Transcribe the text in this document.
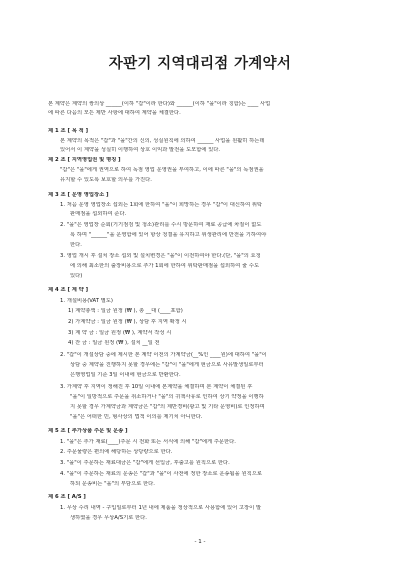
자판기 지역대리점 가계약서
본 계약은 계약의 쌍의상 ______(이하 "갑"이라 한다)와 ______(이하 "을"이라 칭함)는 ____ 사업
에 따른 다음의 모든 제반 사항에 대하여 계약을 체결한다.
제 1 조 [ 목 적 ]
본 계약의 목적은 "갑"과 "을"간의 신의, 성실원칙에 의하여 ______ 사업을 원활히 하는데
있어서 이 계약을 성실히 이행하여 상호 이익과 발전을 도모함에 있다.
제 2 조 [ 지역영업권 및 명칭 ]
"갑"은 "을"에게 권역으로 하여 독점 영업 운영권을 부여하고, 이에 따른 "을"의 독점권을
유지할 수 있도록 보호할 의무를 가진다.
제 3 조 [ 운영 영업장소 ]
1. 처음 운영 영업장소 섭외는 1회에 한하여 "을"이 희망하는 경우 "갑"이 대신하여 위탁
판매점을 섭외하여 준다.
2. "을"은 영업장 순회(기기점검 및 청소)관리를 수시 방문하여 재료 공급에 차질이 없도
록 하며 "______"을 운영함에 있어 항상 청결을 유지하고 위생관리에 만전을 기하여야
한다.
3. 영업 개시 후 설치 장소 섭외 및 설치변경은 "을"이 이전하여야 한다.(단, "을"의 요청
에 의해 최소한의 출장비용으로 추가 1회에 한하여 위탁판매점을 섭외하여 줄 수도
있다)
제 4 조 [ 계 약 ]
1. 개설비용(VAT 별도)
1) 계약총액 : 일금 원정 (₩ ), 총 __대 (____포함)
2) 가계약금 : 일금 원정 (₩ ), 상담 후 지역 확정 시
3) 계 약 금 : 일금 원정 (₩ ), 계약서 작성 시
4) 잔 금 : 일금 원정 (₩ ), 설치 __일 전
2. "갑"이 개설상담 중에 제시한 본 계약 이전의 가계약금(__%인 ____원)에 대하여 "을"이
상담 중 계약을 진행하지 못할 경우에는 "갑"이 "을"에게 현금으로 사유발생일로부터
은행영업일 기준 3일 이내에 현금으로 반환한다.
3. 가계약 후 지역이 정해진 후 10일 이내에 본계약을 체결하며 본 계약이 체결된 후
"을"이 일방적으로 주문을 취소하거나 "을"의 귀책사유로 인하여 상기 약정을 이행하
지 못할 경우 가계약금과 계약금은 "갑"의 제반경비(광고 및 기타 운영비)로 인정하며
"을"은 어떠한 민, 형사상의 법적 이의를 제기치 아니한다.
제 5 조 [ 추가상품 주문 및 운송 ]
1. "을"은 추가 재료(____)주문 시 전화 또는 서식에 의해 "갑"에게 주문한다.
2. 주문물량은 편의에 해당하는 상당량으로 한다.
3. "을"이 주문하는 재료대금은 "갑"에게 선입금, 후출고를 원칙으로 한다.
4. "을"이 주문하는 재료의 운송은 "갑"과 "을"이 사전에 정한 장소로 운송됨을 원칙으로
하되 운송비는 "을"의 부담으로 한다.
제 6 조 [ A/S ]
1. 무상 수리 내역 - 구입일로부터 1년 내에 제품을 정상적으로 사용함에 있어 고장이 발
생하였을 경우 무상A/S기로 한다.
- 1 -
